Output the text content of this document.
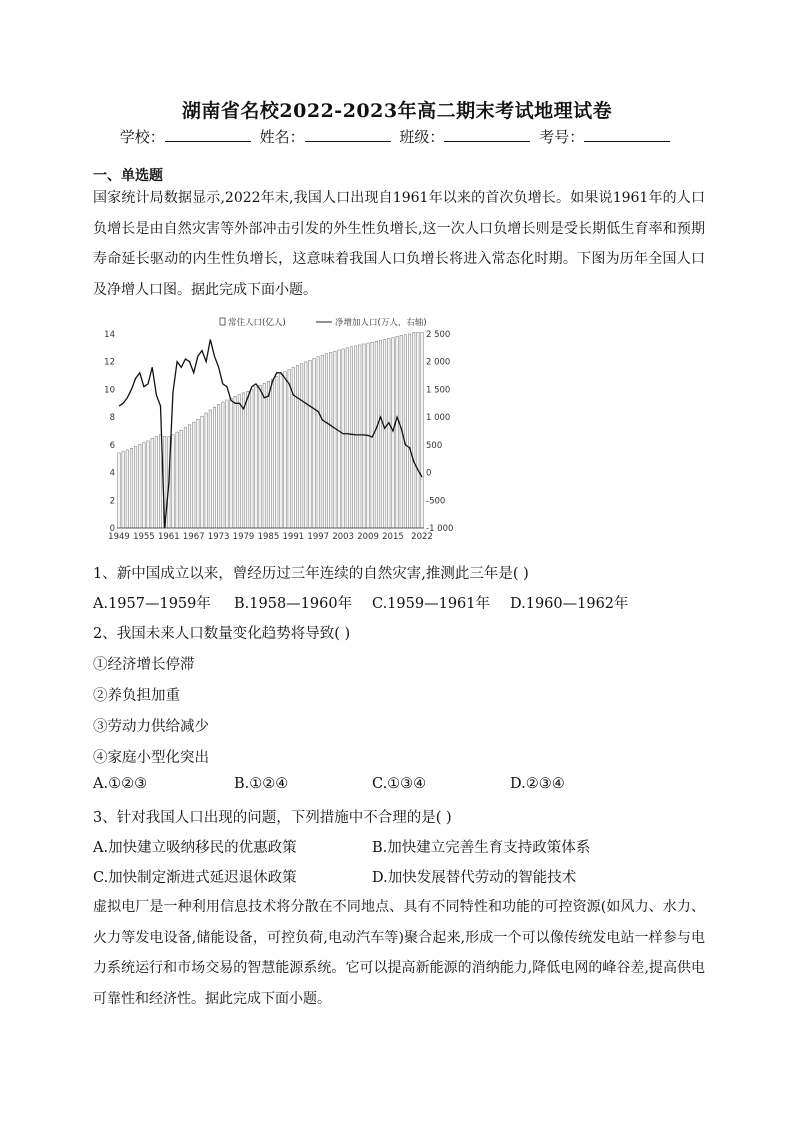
湖南省名校2022-2023年高二期末考试地理试卷
学校：	姓名：	班级：	考号：
一、单选题
国家统计局数据显示,2022年末,我国人口出现自1961年以来的首次负增长。如果说1961年的人口负增长是由自然灾害等外部冲击引发的外生性负增长,这一次人口负增长则是受长期低生育率和预期寿命延长驱动的内生性负增长，这意味着我国人口负增长将进入常态化时期。下图为历年全国人口及净增人口图。据此完成下面小题。
常住人口(亿人)	净增加人口(万人，右轴)
1949 1955 1961 1967 1973 1979 1985 1991 1997 2003 2009 2015 2022
0
2
4
6
8
10
12
14
-1 000
-500
0
500
1 000
1 500
2 000
2 500
1、新中国成立以来，曾经历过三年连续的自然灾害,推测此三年是( )
A.1957—1959年 B.1958—1960年 C.1959—1961年 D.1960—1962年
2、我国未来人口数量变化趋势将导致( )
①经济增长停滞
②养负担加重
③劳动力供给减少
④家庭小型化突出
A.①②③	B.①②④	C.①③④	D.②③④
3、针对我国人口出现的问题，下列措施中不合理的是( )
A.加快建立吸纳移民的优惠政策	B.加快建立完善生育支持政策体系
C.加快制定渐进式延迟退休政策	D.加快发展替代劳动的智能技术
虚拟电厂是一种利用信息技术将分散在不同地点、具有不同特性和功能的可控资源(如风力、水力、火力等发电设备,储能设备，可控负荷,电动汽车等)聚合起来,形成一个可以像传统发电站一样参与电力系统运行和市场交易的智慧能源系统。它可以提高新能源的消纳能力,降低电网的峰谷差,提高供电可靠性和经济性。据此完成下面小题。
